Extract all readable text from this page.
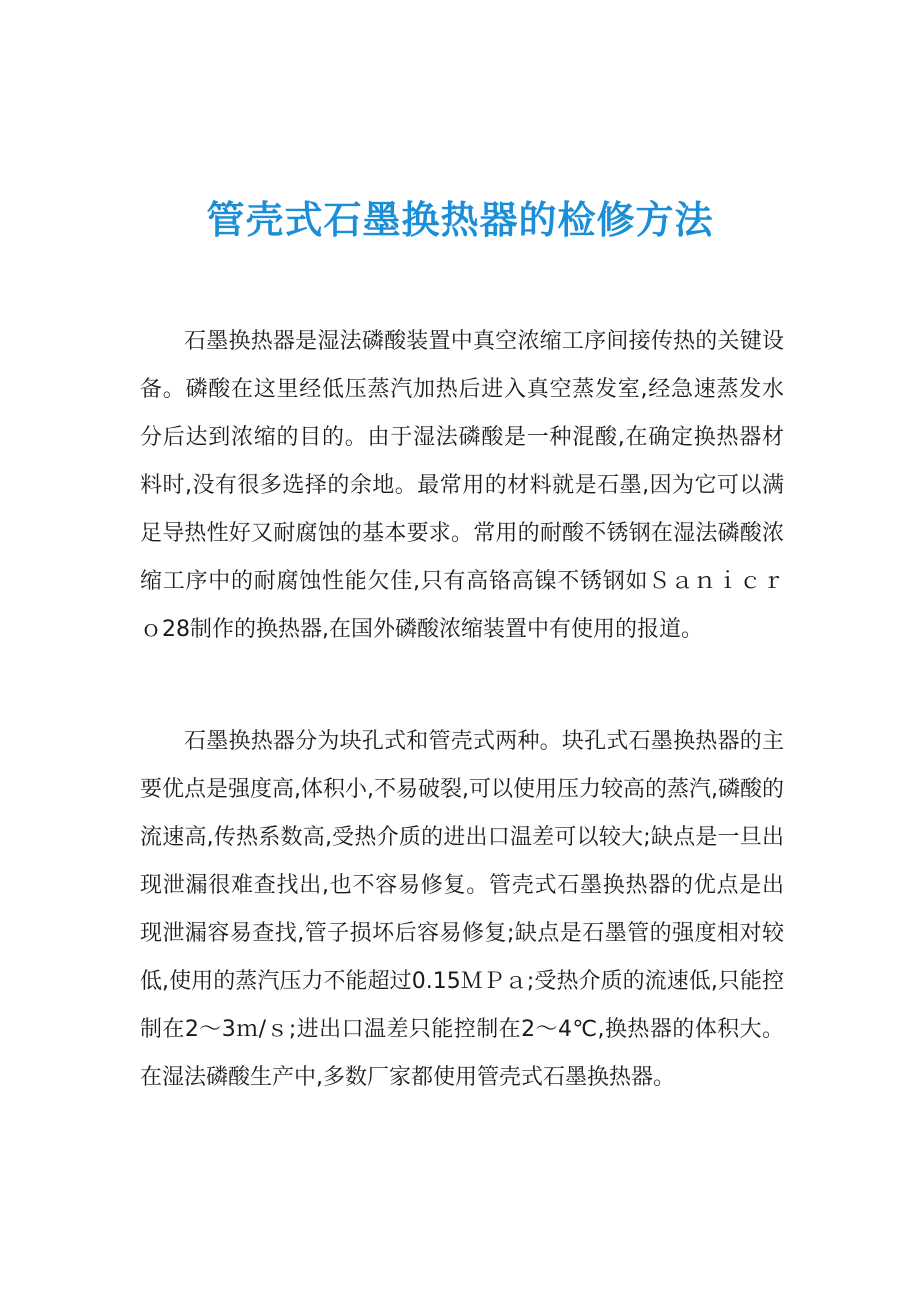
管壳式石墨换热器的检修方法

石墨换热器是湿法磷酸装置中真空浓缩工序间接传热的关键设备。磷酸在这里经低压蒸汽加热后进入真空蒸发室,经急速蒸发水分后达到浓缩的目的。由于湿法磷酸是一种混酸,在确定换热器材料时,没有很多选择的余地。最常用的材料就是石墨,因为它可以满足导热性好又耐腐蚀的基本要求。常用的耐酸不锈钢在湿法磷酸浓缩工序中的耐腐蚀性能欠佳,只有高铬高镍不锈钢如Ｓａｎｉｃｒｏ28制作的换热器,在国外磷酸浓缩装置中有使用的报道。

石墨换热器分为块孔式和管壳式两种。块孔式石墨换热器的主要优点是强度高,体积小,不易破裂,可以使用压力较高的蒸汽,磷酸的流速高,传热系数高,受热介质的进出口温差可以较大;缺点是一旦出现泄漏很难查找出,也不容易修复。管壳式石墨换热器的优点是出现泄漏容易查找,管子损坏后容易修复;缺点是石墨管的强度相对较低,使用的蒸汽压力不能超过0.15ＭＰａ;受热介质的流速低,只能控制在2～3ｍ/ｓ;进出口温差只能控制在2～4℃,换热器的体积大。在湿法磷酸生产中,多数厂家都使用管壳式石墨换热器。
